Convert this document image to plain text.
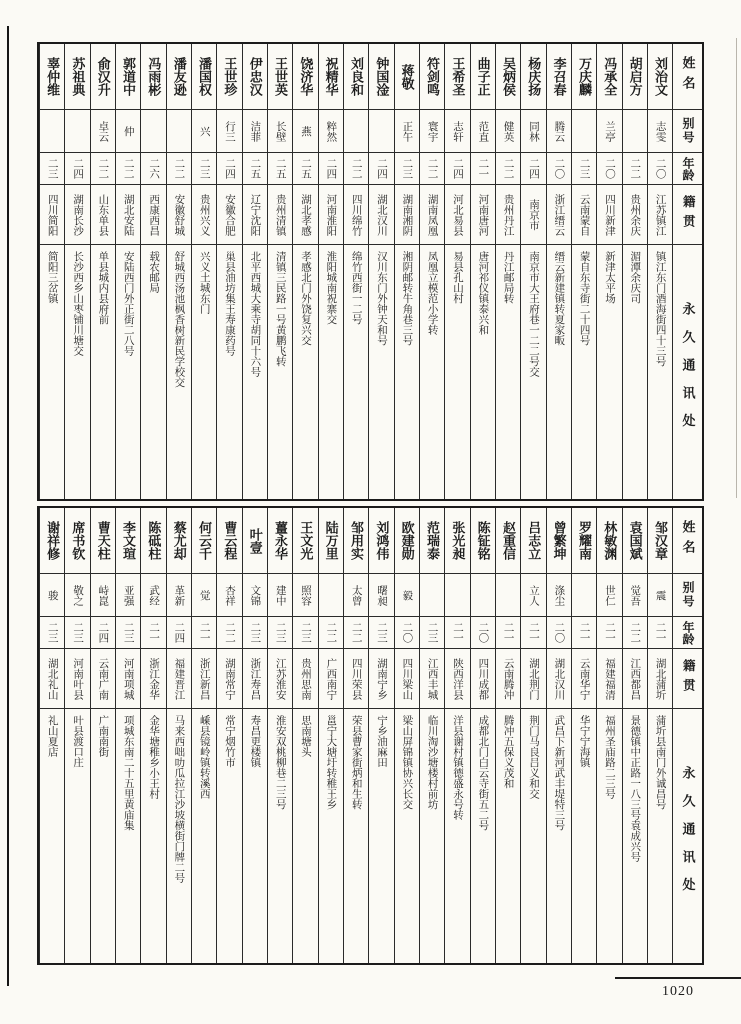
姓名
别号
年龄
籍贯
永久通讯处
刘治文
志雯
二〇
江苏镇江
镇江东门酒海街四十三号
胡启方
二二
贵州余庆
湄潭余庆司
冯承全
兰亭
二〇
四川新津
新津太平场
万庆麟
二三
云南蒙自
蒙自东寺街二十四号
李召春
腾云
二〇
浙江缙云
缙云新建镇转夏家畈
杨庆扬
同林
二四
南京市
南京市大王府巷一二二号交
吴炳侯
健英
二二
贵州丹江
丹江邮局转
曲子正
范直
二一
河南唐河
唐河祁仪镇泰兴和
王希圣
志轩
二四
河北易县
易县孔山村
符剑鸣
寰宇
二二
湖南凤凰
凤凰立模范小学转
蒋敬
正午
二三
湖南湘阴
湘阴邮转牛角巷三号
钟国淦
二四
湖北汉川
汉川东门外钟天和号
刘良和
二二
四川绵竹
绵竹西街一二号
祝精华
粹然
二四
河南淮阳
淮阳城南祝寨交
饶济华
燕
二五
湖北孝感
孝感北门外饶复兴交
王世英
长壁
二五
贵州清镇
清镇三民路一号黄鹏飞转
伊忠汉
洁菲
二五
辽宁沈阳
北平西城大乘寺胡同十六号
王世珍
行三
二四
安徽合肥
巢县油坊集王寿康药号
潘国权
兴
二三
贵州兴义
兴义土城东门
潘友逊
二二
安徽舒城
舒城西汤池枫香树新民学校交
冯雨彬
二六
西康西昌
载农邮局
郭道中
仲
二二
湖北安陆
安陆西门外正街二八号
俞汉升
卓云
二二
山东单县
单县城内县府前
苏祖典
二四
湖南长沙
长沙西乡山枣铺川塘交
辜仲维
二三
四川简阳
简阳三岔镇
姓名
别号
年龄
籍贯
永久通讯处
邹汉章
震
二一
湖北蒲圻
蒲圻县南门外诚昌号
袁国斌
觉吾
二二
江西都昌
景德镇中正路一八三号袁成兴号
林敏渊
世仁
二一
福建福清
福州圣庙路二三号
罗耀南
二一
云南华宁
华宁宁海镇
曾繁坤
涤尘
二〇
湖北汉川
武昌下新河武丰堤特三号
吕志立
立人
二一
湖北荆门
荆门马良吕义和交
赵重信
二一
云南腾冲
腾冲五保义茂和
陈钲铭
二〇
四川成都
成都北门白云寺街五二号
张光昶
二一
陕西洋县
洋县谢村镇德盛永号转
范瑞泰
二三
江西丰城
临川淘沙塘楼村前坊
欧建勋
毅
二〇
四川梁山
梁山屏锦镇协兴长交
刘鸿伟
曙昶
二三
湖南宁乡
宁乡油麻田
邹用实
太曾
二二
四川荣县
荣县曹家街炳和生转
陆万里
二二
广西南宁
邕宁大塘圩转稚王乡
王文光
照容
二三
贵州思南
思南塘头
薑永华
建中
二三
江苏淮安
淮安双桃柳巷二三号
叶壹
文锦
二三
浙江寿昌
寿昌更楼镇
曹云程
杏祥
二二
湖南常宁
常宁烟竹市
何云千
觉
二一
浙江新昌
嵊县镜岭镇转溪西
蔡尤却
革新
二四
福建晋江
马来西咄叻瓜拉江沙坡横街门牌二号
陈砥柱
武经
二一
浙江金华
金华塘稚乡小王村
李文瑄
亚强
二三
河南项城
项城东南二十五里黄庙集
曹天柱
峙崑
二四
云南广南
广南南街
席书钦
敬之
二三
河南叶县
叶县渡口庄
谢祥修
骏
二三
湖北礼山
礼山夏店
1020
